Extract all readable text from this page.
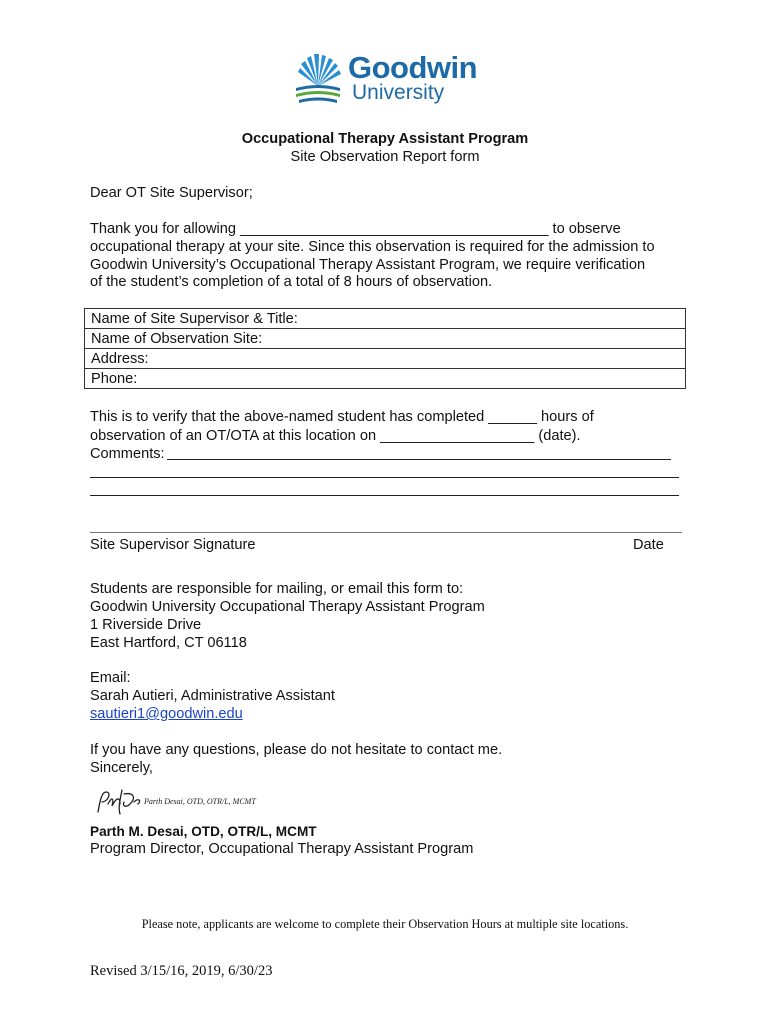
Goodwin
University
Occupational Therapy Assistant Program
Site Observation Report form
Dear OT Site Supervisor;
Thank you for allowing ______________________________________ to observe
occupational therapy at your site. Since this observation is required for the admission to
Goodwin University’s Occupational Therapy Assistant Program, we require verification
of the student’s completion of a total of 8 hours of observation.
Name of Site Supervisor & Title:
Name of Observation Site:
Address:
Phone:
This is to verify that the above-named student has completed ______ hours of
observation of an OT/OTA at this location on ___________________ (date).
Comments:
Site Supervisor Signature	Date
Students are responsible for mailing, or email this form to:
Goodwin University Occupational Therapy Assistant Program
1 Riverside Drive
East Hartford, CT 06118
Email:
Sarah Autieri, Administrative Assistant
sautieri1@goodwin.edu
If you have any questions, please do not hesitate to contact me.
Sincerely,
Parth Desai, OTD, OTR/L, MCMT
Parth M. Desai, OTD, OTR/L, MCMT
Program Director, Occupational Therapy Assistant Program
Please note, applicants are welcome to complete their Observation Hours at multiple site locations.
Revised 3/15/16, 2019, 6/30/23
